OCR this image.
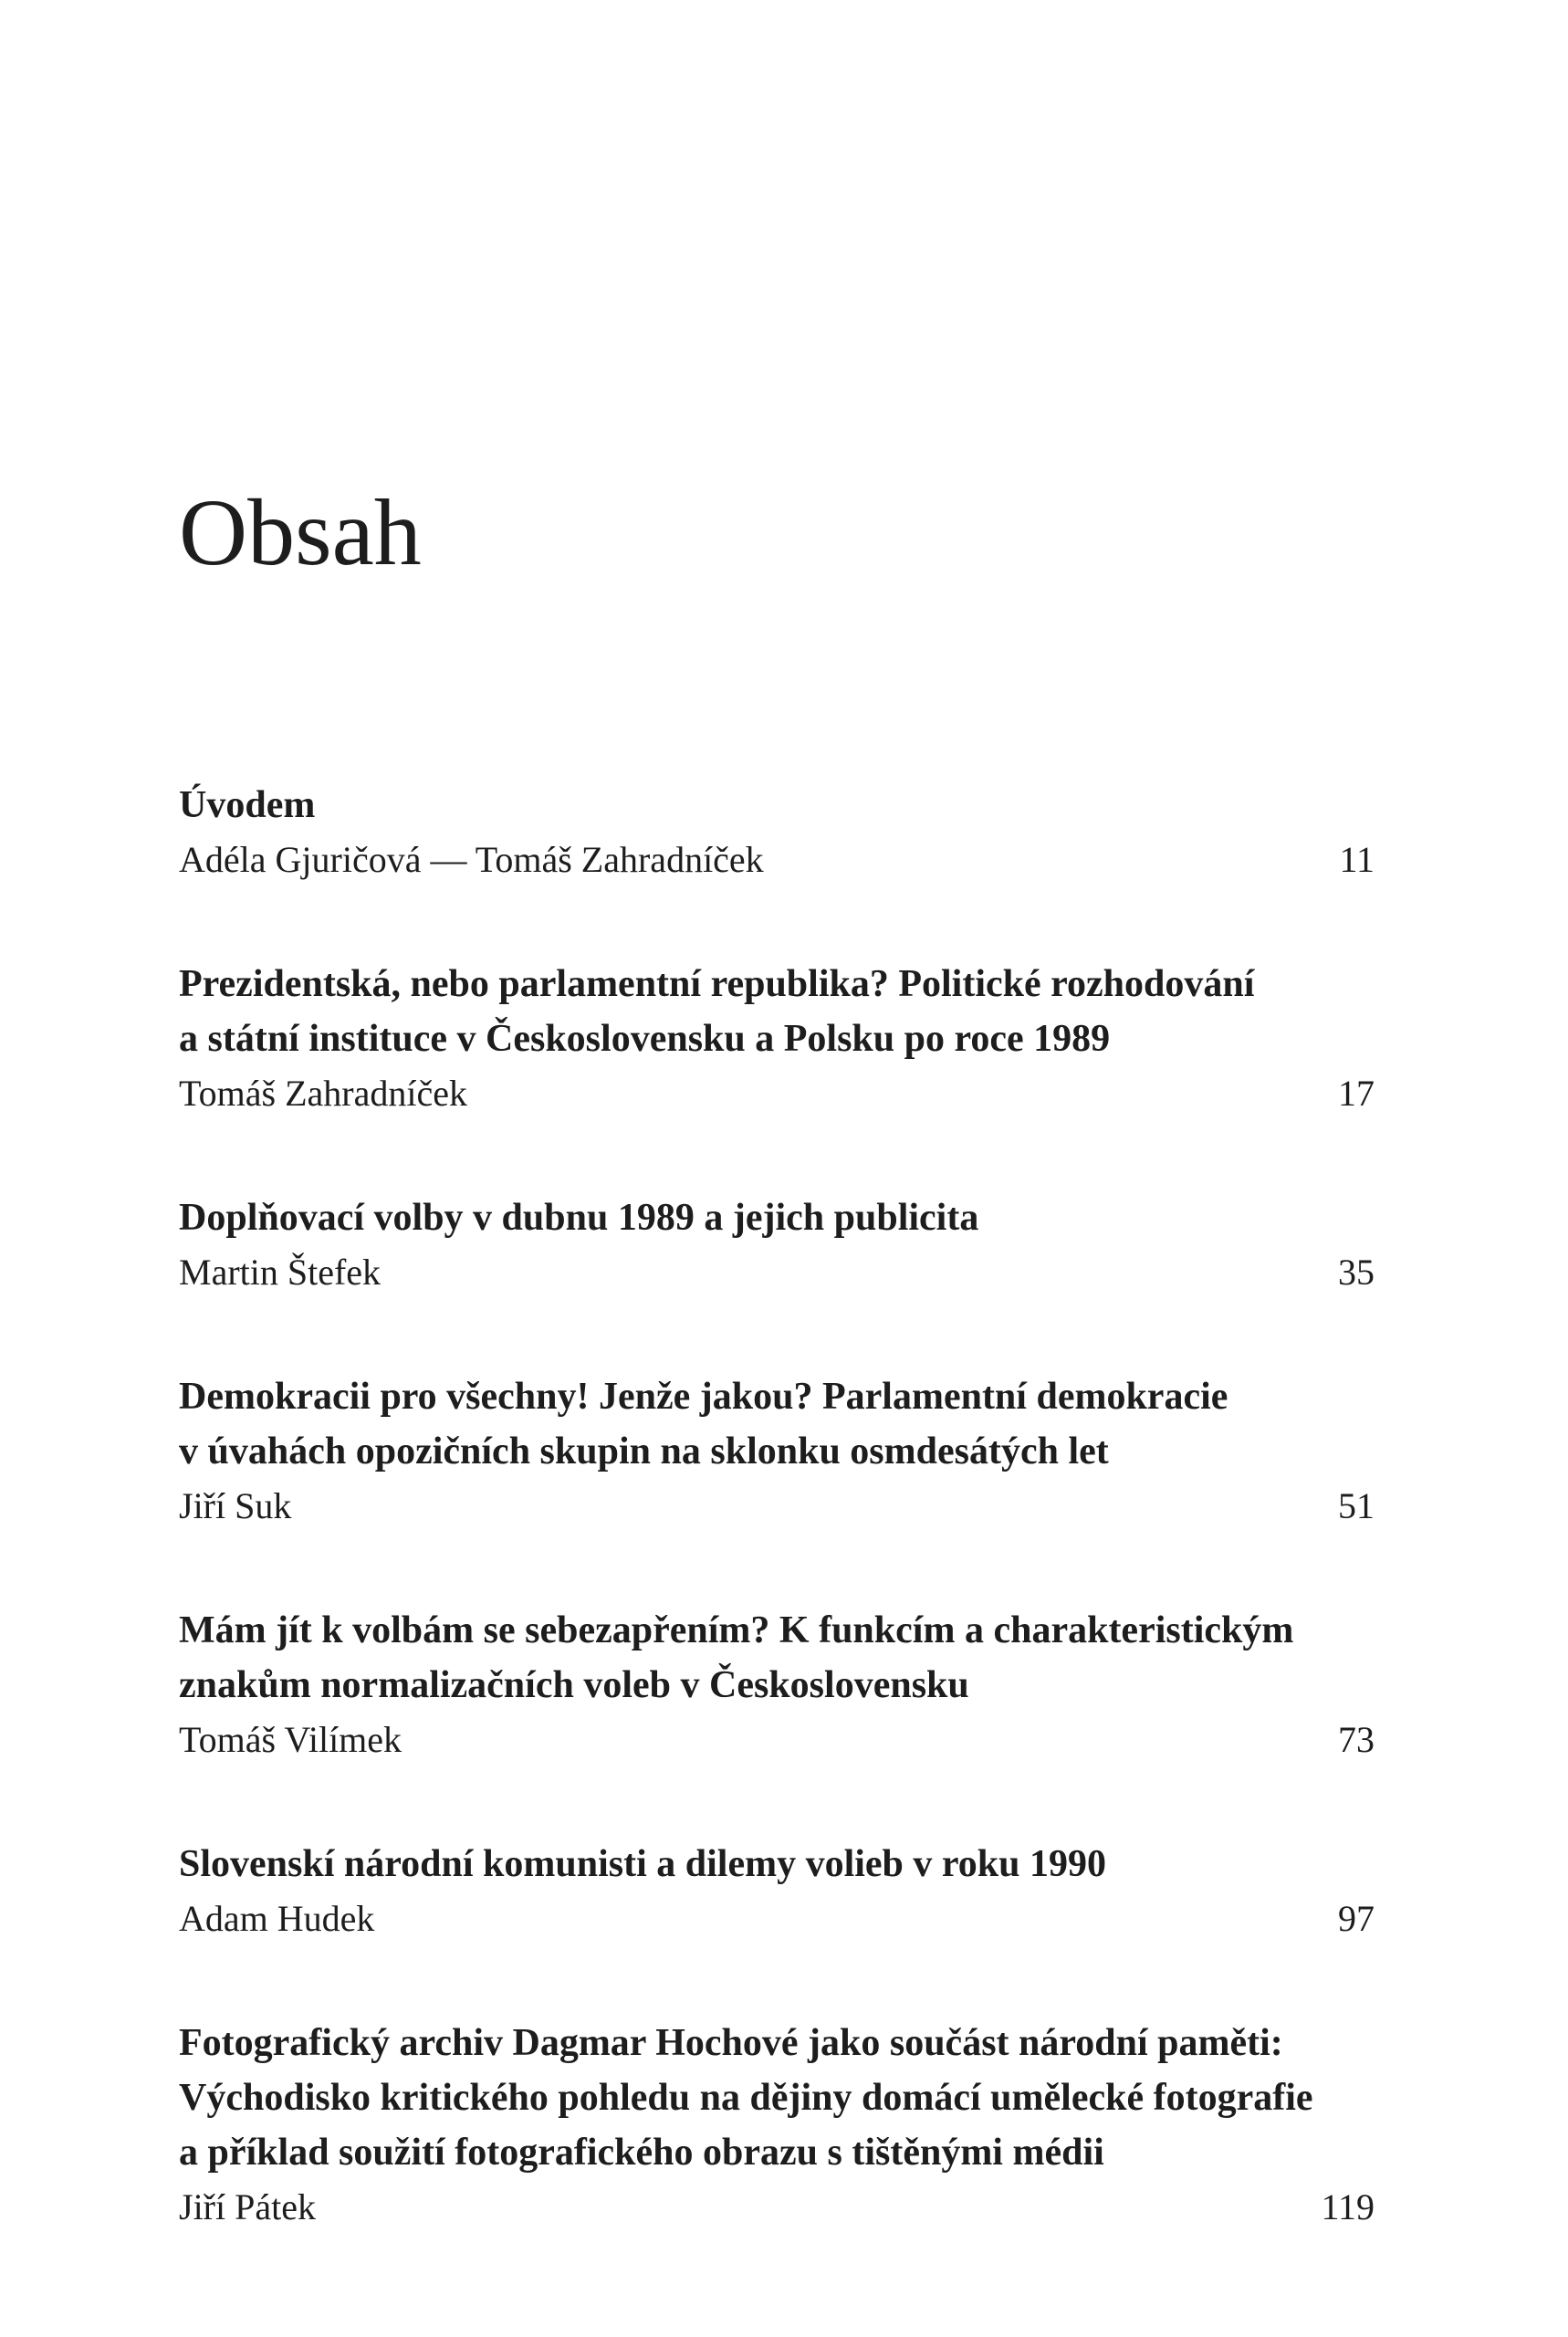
Obsah

Úvodem

Adéla Gjuričová — Tomáš Zahradníček	11

Prezidentská, nebo parlamentní republika? Politické rozhodování
a státní instituce v Československu a Polsku po roce 1989

Tomáš Zahradníček	17

Doplňovací volby v dubnu 1989 a jejich publicita

Martin Štefek	35

Demokracii pro všechny! Jenže jakou? Parlamentní demokracie
v úvahách opozičních skupin na sklonku osmdesátých let

Jiří Suk	51

Mám jít k volbám se sebezapřením? K funkcím a charakteristickým
znakům normalizačních voleb v Československu

Tomáš Vilímek	73

Slovenskí národní komunisti a dilemy volieb v roku 1990

Adam Hudek	97

Fotografický archiv Dagmar Hochové jako součást národní paměti:
Východisko kritického pohledu na dějiny domácí umělecké fotografie
a příklad soužití fotografického obrazu s tištěnými médii

Jiří Pátek	119
